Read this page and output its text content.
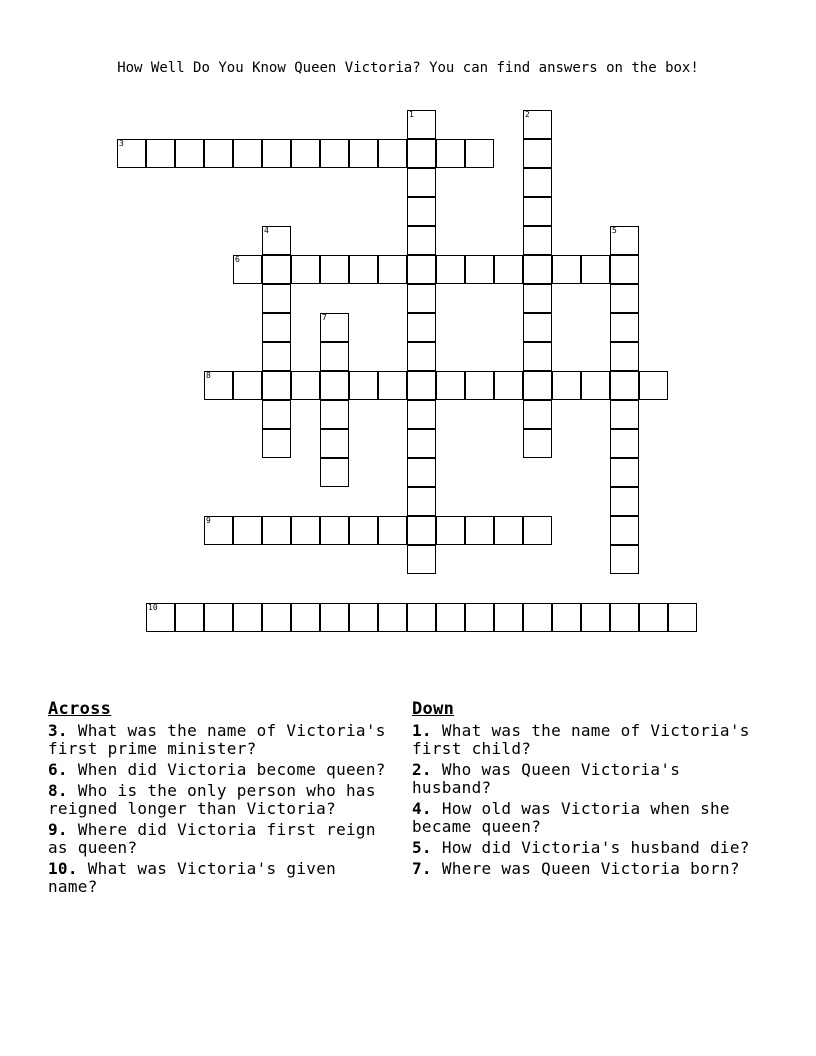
How Well Do You Know Queen Victoria? You can find answers on the box!
3
6
8
9
10
1	2
4	5
7
Across
3. What was the name of Victoria's first prime minister?
6. When did Victoria become queen?
8. Who is the only person who has reigned longer than Victoria?
9. Where did Victoria first reign as queen?
10. What was Victoria's given name?
Down
1. What was the name of Victoria's first child?
2. Who was Queen Victoria's husband?
4. How old was Victoria when she became queen?
5. How did Victoria's husband die?
7. Where was Queen Victoria born?
